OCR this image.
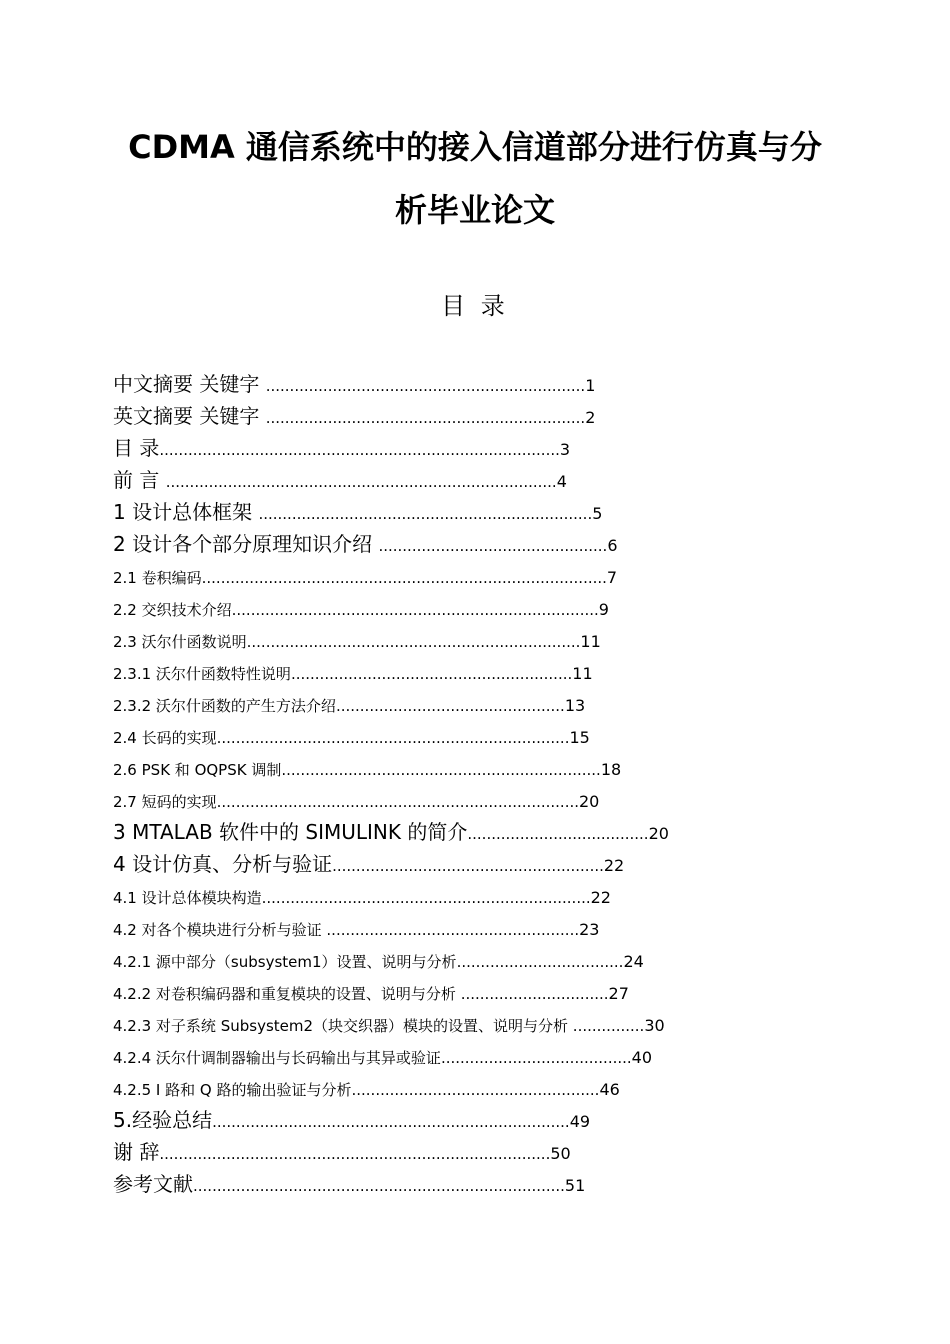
CDMA 通信系统中的接入信道部分进行仿真与分
析毕业论文
目 录
中文摘要 关键字 ...................................................................1
英文摘要 关键字 ...................................................................2
目 录....................................................................................3
前 言 ..................................................................................4
1 设计总体框架 ......................................................................5
2 设计各个部分原理知识介绍 ................................................6
2.1 卷积编码.....................................................................................7
2.2 交织技术介绍.............................................................................9
2.3 沃尔什函数说明......................................................................11
2.3.1 沃尔什函数特性说明...........................................................11
2.3.2 沃尔什函数的产生方法介绍................................................13
2.4 长码的实现..........................................................................15
2.6 PSK 和 OQPSK 调制...................................................................18
2.7 短码的实现............................................................................20
3 MTALAB 软件中的 SIMULINK 的简介......................................20
4 设计仿真、分析与验证.........................................................22
4.1 设计总体模块构造.....................................................................22
4.2 对各个模块进行分析与验证 .....................................................23
4.2.1 源中部分（subsystem1）设置、说明与分析...................................24
4.2.2 对卷积编码器和重复模块的设置、说明与分析 ...............................27
4.2.3 对子系统 Subsystem2（块交织器）模块的设置、说明与分析 ...............30
4.2.4 沃尔什调制器输出与长码输出与其异或验证........................................40
4.2.5 I 路和 Q 路的输出验证与分析....................................................46
5.经验总结...........................................................................49
谢 辞..................................................................................50
参考文献..............................................................................51
